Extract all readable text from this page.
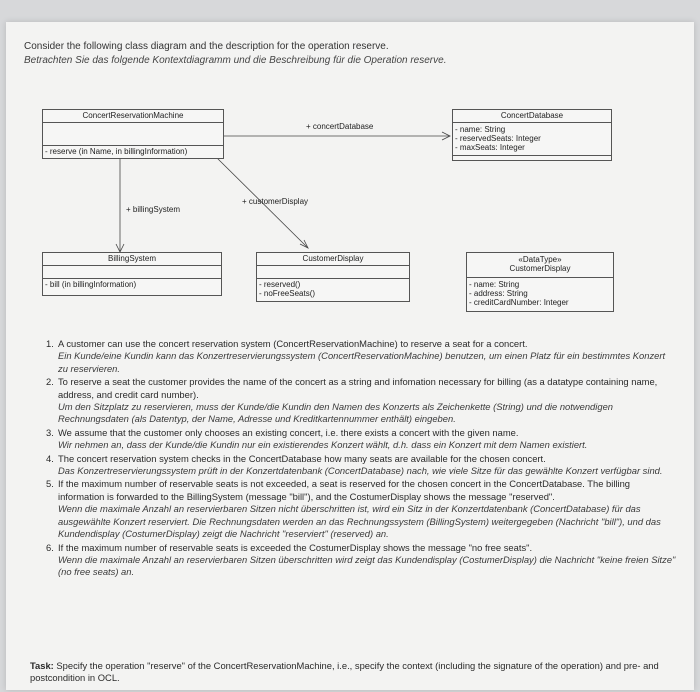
Consider the following class diagram and the description for the operation reserve.
Betrachten Sie das folgende Kontextdiagramm und die Beschreibung für die Operation reserve.
ConcertReservationMachine
- reserve (in Name, in billingInformation)
ConcertDatabase
- name: String
- reservedSeats: Integer
- maxSeats: Integer
BillingSystem
- bill (in billingInformation)
CustomerDisplay
- reserved()
- noFreeSeats()
«DataType»
CustomerDisplay
- name: String
- address: String
- creditCardNumber: Integer
+ concertDatabase
+ customerDisplay
+ billingSystem
1. A customer can use the concert reservation system (ConcertReservationMachine) to reserve a seat for a concert.
Ein Kunde/eine Kundin kann das Konzertreservierungssystem (ConcertReservationMachine) benutzen, um einen Platz für ein bestimmtes Konzert zu reservieren.
2. To reserve a seat the customer provides the name of the concert as a string and infomation necessary for billing (as a datatype containing name, address, and credit card number).
Um den Sitzplatz zu reservieren, muss der Kunde/die Kundin den Namen des Konzerts als Zeichenkette (String) und die notwendigen Rechnungsdaten (als Datentyp, der Name, Adresse und Kreditkartennummer enthält) eingeben.
3. We assume that the customer only chooses an existing concert, i.e. there exists a concert with the given name.
Wir nehmen an, dass der Kunde/die Kundin nur ein existierendes Konzert wählt, d.h. dass ein Konzert mit dem Namen existiert.
4. The concert reservation system checks in the ConcertDatabase how many seats are available for the chosen concert.
Das Konzertreservierungssystem prüft in der Konzertdatenbank (ConcertDatabase) nach, wie viele Sitze für das gewählte Konzert verfügbar sind.
5. If the maximum number of reservable seats is not exceeded, a seat is reserved for the chosen concert in the ConcertDatabase. The billing information is forwarded to the BillingSystem (message "bill"), and the CostumerDisplay shows the message "reserved".
Wenn die maximale Anzahl an reservierbaren Sitzen nicht überschritten ist, wird ein Sitz in der Konzertdatenbank (ConcertDatabase) für das ausgewählte Konzert reserviert. Die Rechnungsdaten werden an das Rechnungssystem (BillingSystem) weitergegeben (Nachricht "bill"), und das Kundendisplay (CostumerDisplay) zeigt die Nachricht "reserviert" (reserved) an.
6. If the maximum number of reservable seats is exceeded the CostumerDisplay shows the message "no free seats".
Wenn die maximale Anzahl an reservierbaren Sitzen überschritten wird zeigt das Kundendisplay (CostumerDisplay) die Nachricht "keine freien Sitze" (no free seats) an.
Task: Specify the operation "reserve" of the ConcertReservationMachine, i.e., specify the context (including the signature of the operation) and pre- and postcondition in OCL.
